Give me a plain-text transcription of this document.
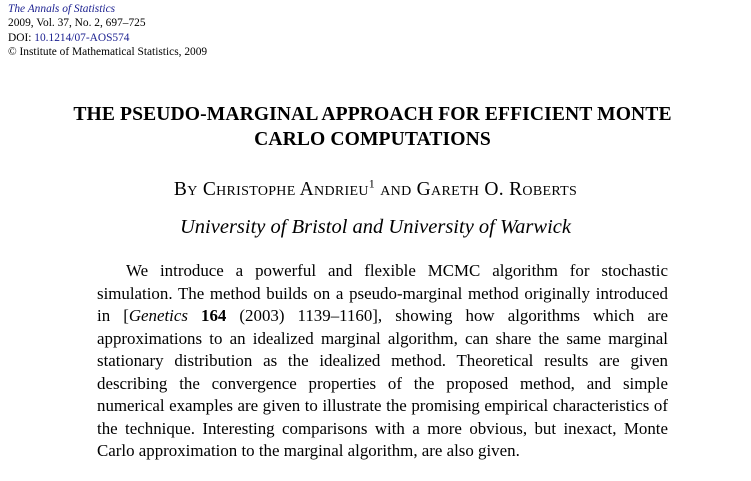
The Annals of Statistics
2009, Vol. 37, No. 2, 697–725
DOI: 10.1214/07-AOS574
© Institute of Mathematical Statistics, 2009
THE PSEUDO-MARGINAL APPROACH FOR EFFICIENT MONTE
CARLO COMPUTATIONS
By Christophe Andrieu$^1$ and Gareth O. Roberts
University of Bristol and University of Warwick
We introduce a powerful and flexible MCMC algorithm for stochastic simulation. The method builds on a pseudo-marginal method originally introduced in [Genetics 164 (2003) 1139–1160], showing how algorithms which are approximations to an idealized marginal algorithm, can share the same marginal stationary distribution as the idealized method. Theoretical results are given describing the convergence properties of the proposed method, and simple numerical examples are given to illustrate the promising empirical characteristics of the technique. Interesting comparisons with a more obvious, but inexact, Monte Carlo approximation to the marginal algorithm, are also given.
